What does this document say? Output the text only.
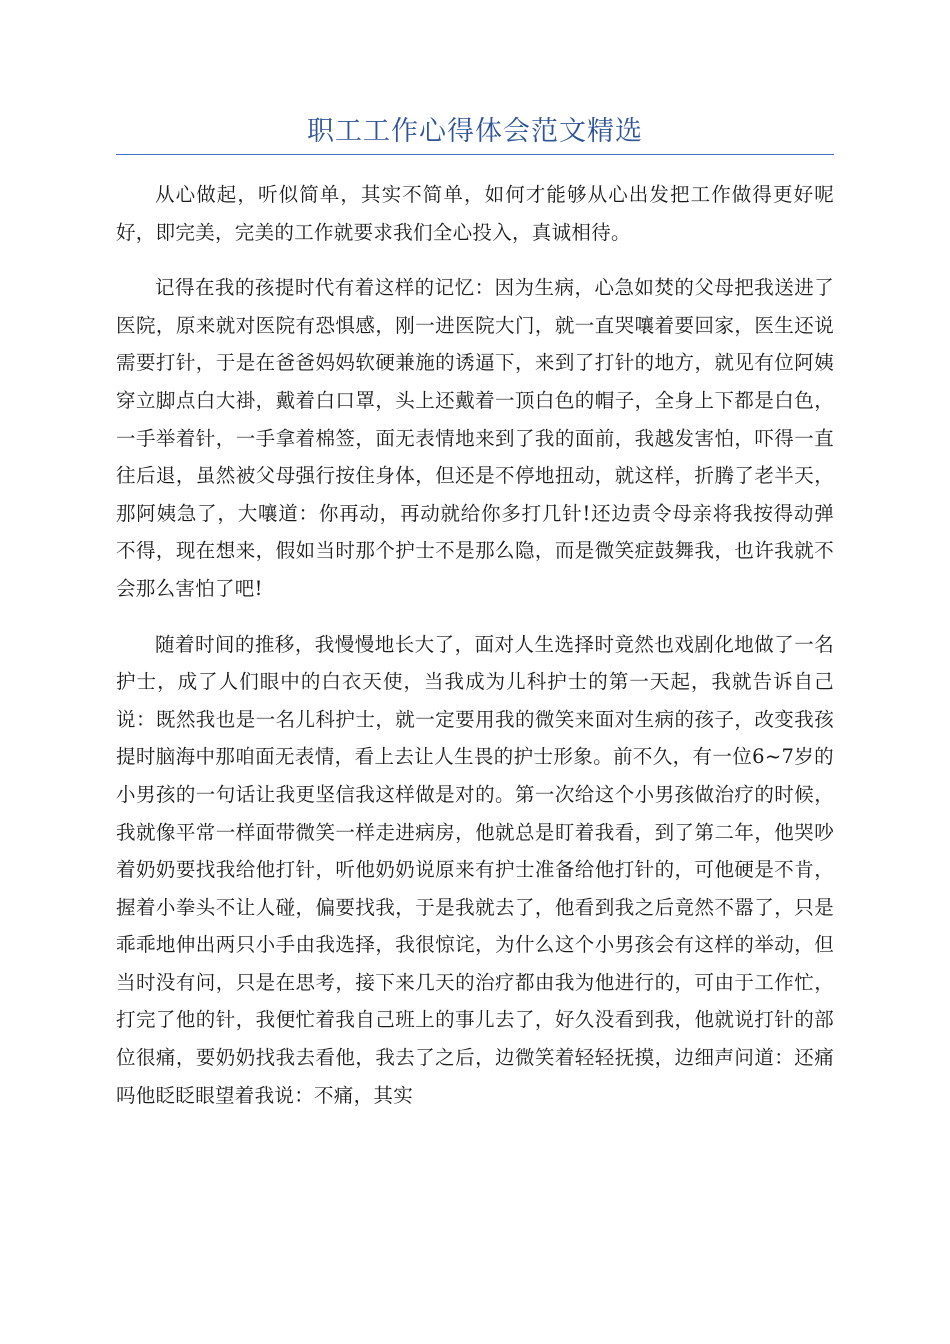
职工工作心得体会范文精选

从心做起，听似简单，其实不简单，如何才能够从心出发把工作做得更好呢好，即完美，完美的工作就要求我们全心投入，真诚相待。

记得在我的孩提时代有着这样的记忆：因为生病，心急如焚的父母把我送进了医院，原来就对医院有恐惧感，刚一进医院大门，就一直哭嚷着要回家，医生还说需要打针，于是在爸爸妈妈软硬兼施的诱逼下，来到了打针的地方，就见有位阿姨穿立脚点白大褂，戴着白口罩，头上还戴着一顶白色的帽子，全身上下都是白色，一手举着针，一手拿着棉签，面无表情地来到了我的面前，我越发害怕，吓得一直往后退，虽然被父母强行按住身体，但还是不停地扭动，就这样，折腾了老半天，那阿姨急了，大嚷道：你再动，再动就给你多打几针!还边责令母亲将我按得动弹不得，现在想来，假如当时那个护士不是那么隐，而是微笑症鼓舞我，也许我就不会那么害怕了吧!

随着时间的推移，我慢慢地长大了，面对人生选择时竟然也戏剧化地做了一名护士，成了人们眼中的白衣天使，当我成为儿科护士的第一天起，我就告诉自己说：既然我也是一名儿科护士，就一定要用我的微笑来面对生病的孩子，改变我孩提时脑海中那咱面无表情，看上去让人生畏的护士形象。前不久，有一位6~7岁的小男孩的一句话让我更坚信我这样做是对的。第一次给这个小男孩做治疗的时候，我就像平常一样面带微笑一样走进病房，他就总是盯着我看，到了第二年，他哭吵着奶奶要找我给他打针，听他奶奶说原来有护士准备给他打针的，可他硬是不肯，握着小拳头不让人碰，偏要找我，于是我就去了，他看到我之后竟然不嚣了，只是乖乖地伸出两只小手由我选择，我很惊诧，为什么这个小男孩会有这样的举动，但当时没有问，只是在思考，接下来几天的治疗都由我为他进行的，可由于工作忙，打完了他的针，我便忙着我自己班上的事儿去了，好久没看到我，他就说打针的部位很痛，要奶奶找我去看他，我去了之后，边微笑着轻轻抚摸，边细声问道：还痛吗他眨眨眼望着我说：不痛，其实
